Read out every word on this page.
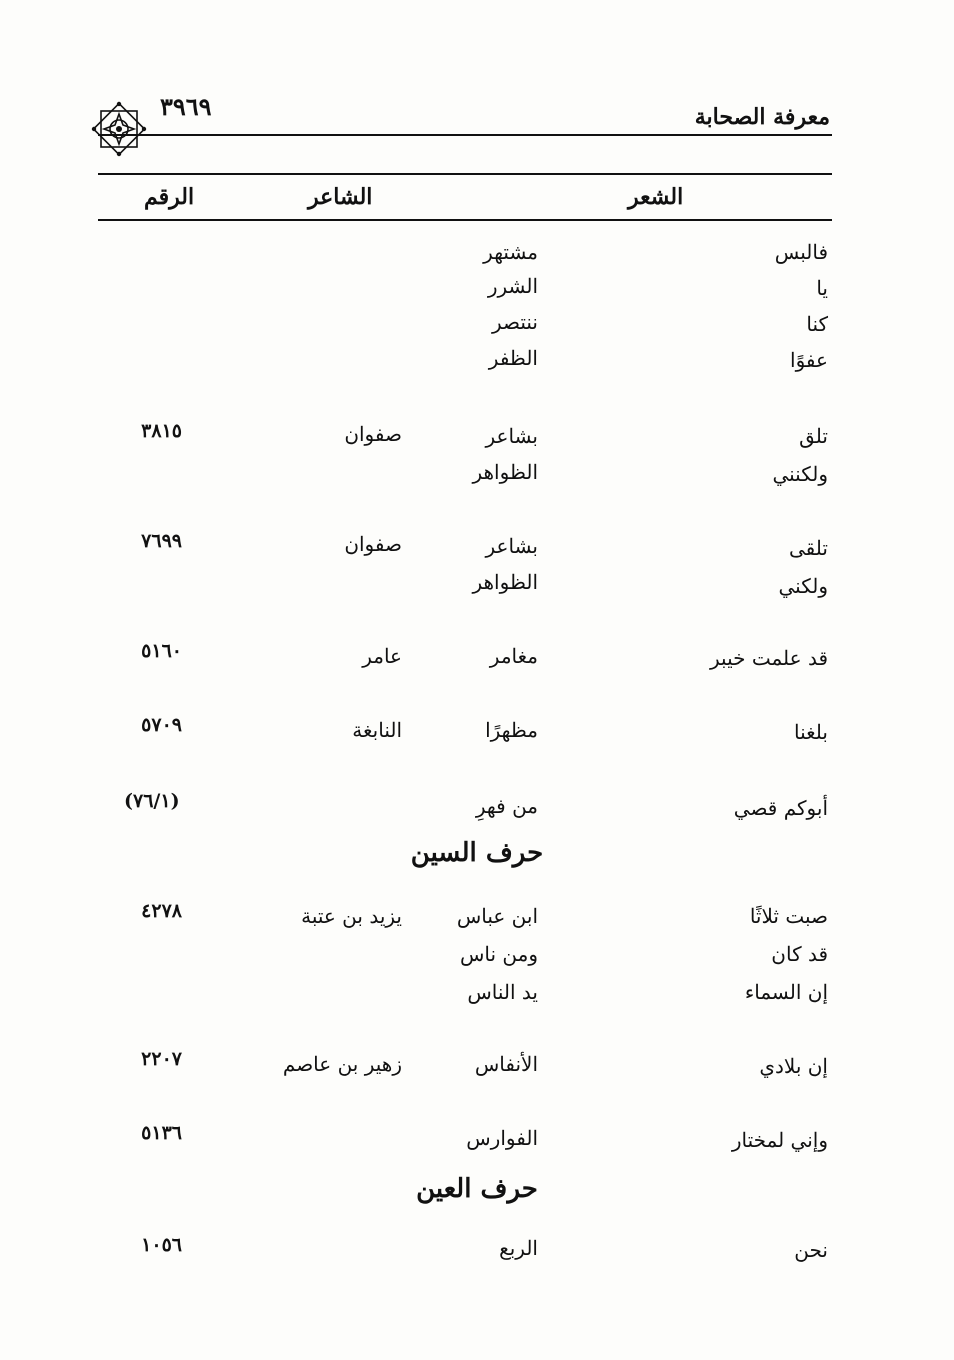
معرفة الصحابة
٣٩٦٩
الشعر
الشاعر
الرقم
فالبس
مشتهر
يا
الشرر
كنا
ننتصر
عفوًا
الظفر
تلق
بشاعر
صفوان
٣٨١٥
ولكنني
الظواهر
تلقى
بشاعر
صفوان
٧٦٩٩
ولكني
الظواهر
قد علمت خيبر
مغامر
عامر
٥١٦٠
بلغنا
مظهرًا
النابغة
٥٧٠٩
أبوكم قصي
من فهرِ
(٧٦/١)
حرف السين
صبت ثلاثًا
ابن عباس
يزيد بن عتبة
٤٢٧٨
قد كان
ومن ناس
إن السماء
يد الناس
إن بلادي
الأنفاس
زهير بن عاصم
٢٢٠٧
وإني لمختار
الفوارس
٥١٣٦
حرف العين
نحن
الربع
١٠٥٦
